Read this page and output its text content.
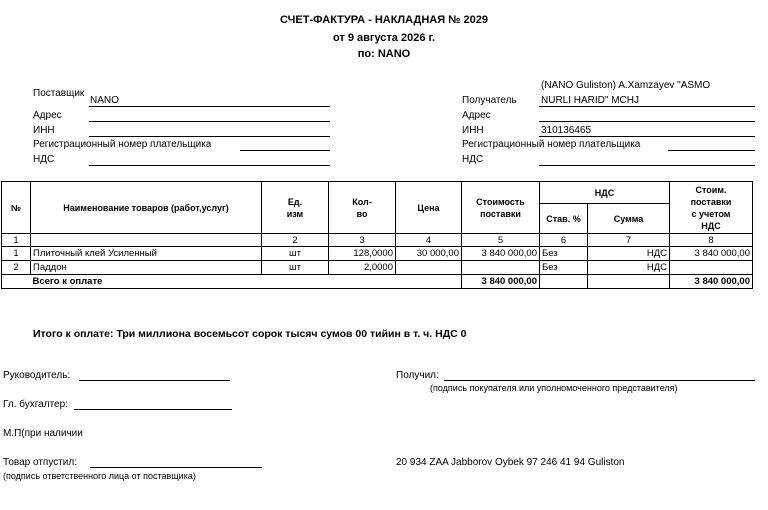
СЧЕТ-ФАКТУРА - НАКЛАДНАЯ № 2029
от 9 августа 2026 г.
по: NANO
Поставщик
NANO
Адрес
ИНН
Регистрационный номер плательщика
НДС
(NANO Guliston) A.Xamzayev "ASMO
Получатель NURLI HARID" MCHJ
Адрес
ИНН	310136465
Регистрационный номер плательщика
НДС
№	Наименование товаров (работ,услуг)	Ед.
изм	Кол-
во	Цена	Стоимость
поставки	НДС		Стоим.
поставки
с учетом
НДС
						Став. %	Сумма	
1		2	3	4	5	6	7	8
1	Плиточный клей Усиленный	шт	128,0000	30 000,00	3 840 000,00	Без	НДС	3 840 000,00
2	Паддон	шт	2,0000			Без	НДС	
	Всего к оплате				3 840 000,00			3 840 000,00
Итого к оплате: Три миллиона восемьсот сорок тысяч сумов 00 тийин в т. ч. НДС 0
Руководитель:
Гл. бухгалтер:
М.П(при наличии
Товар отпустил:
(подпись ответственного лица от поставщика)
Получил:
(подпись покупателя или уполномоченного представителя)
20 934 ZAA Jabborov Oybek 97 246 41 94 Guliston
